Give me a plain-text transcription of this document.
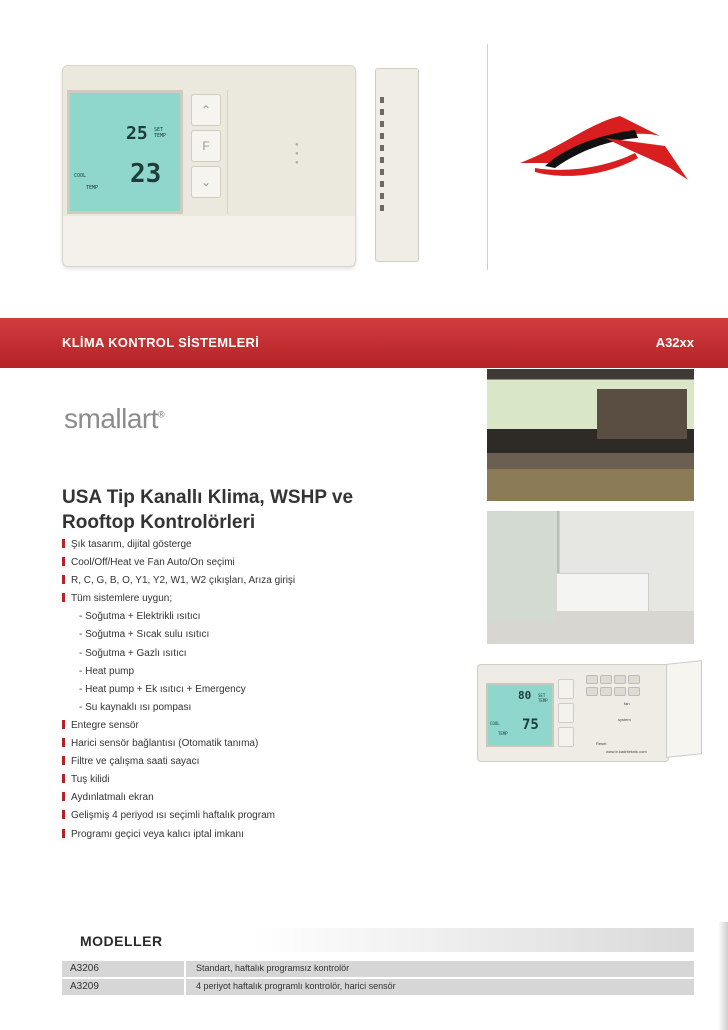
25 SET
TEMP
COOL
TEMP 23
⌃
F
⌄
●
●
●
KLİMA KONTROL SİSTEMLERİ	A32xx
smallart®
USA Tip Kanallı Klima, WSHP ve
Rooftop Kontrolörleri
Şık tasarım, dijital gösterge
Cool/Off/Heat ve Fan Auto/On seçimi
R, C, G, B, O, Y1, Y2, W1, W2 çıkışları, Arıza girişi
Tüm sistemlere uygun;
- Soğutma + Elektrikli ısıtıcı
- Soğutma + Sıcak sulu ısıtıcı
- Soğutma + Gazlı ısıtıcı
- Heat pump
- Heat pump + Ek ısıtıcı + Emergency
- Su kaynaklı ısı pompası
Entegre sensör
Harici sensör bağlantısı (Otomatik tanıma)
Filtre ve çalışma saati sayacı
Tuş kilidi
Aydınlatmalı ekran
Gelişmiş 4 periyod ısı seçimli haftalık program
Programı geçici veya kalıcı iptal imkanı
80 SET
TEMP
COOL
TEMP
75
fan
system
Reset
www.tr.kadriteknik.com
MODELLER
A3206	Standart, haftalık programsız kontrolör
A3209	4 periyot haftalık programlı kontrolör, harici sensör
